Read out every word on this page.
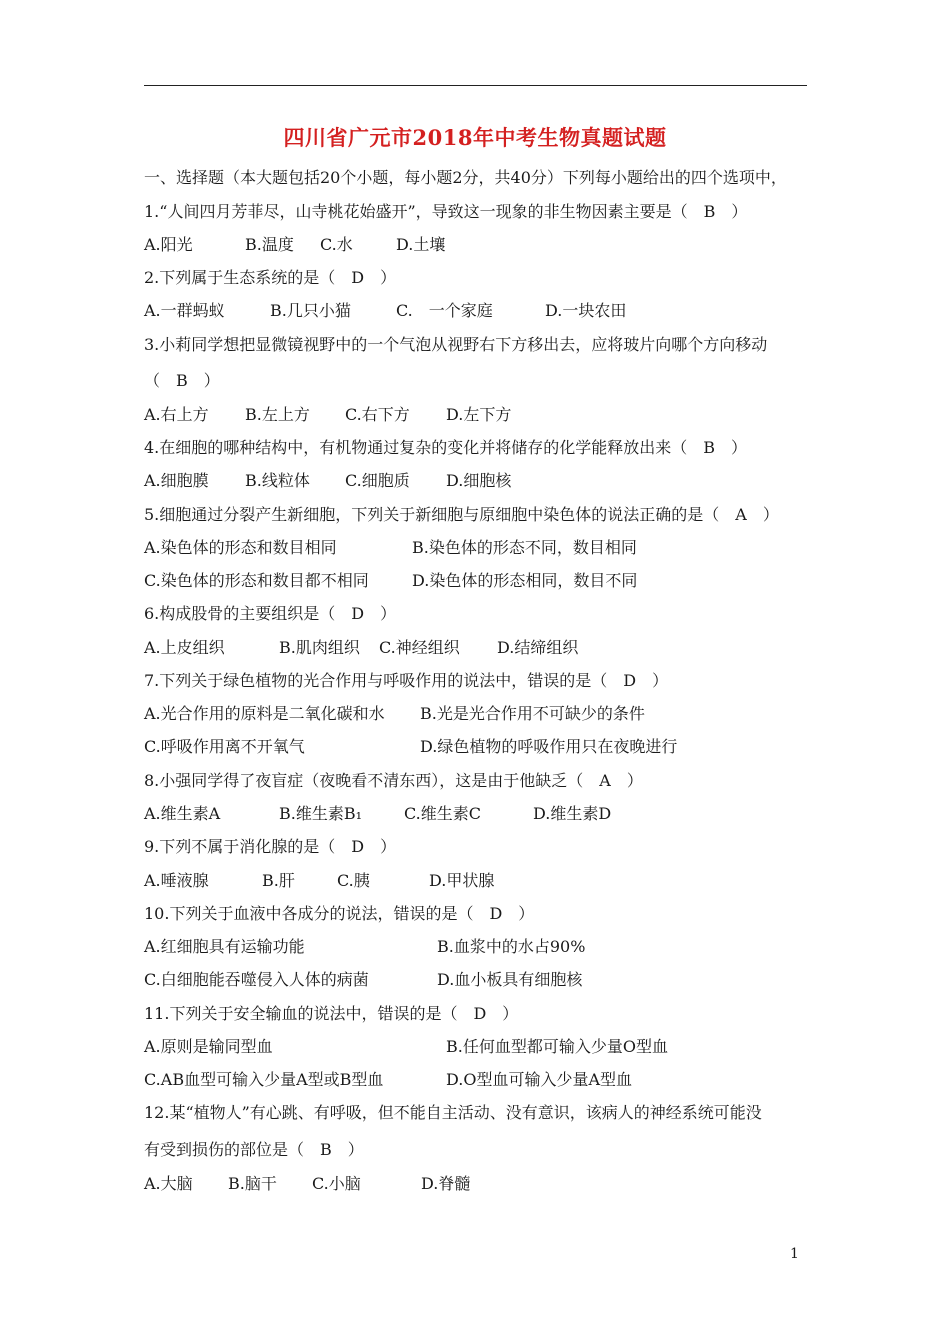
四川省广元市2018年中考生物真题试题
一、选择题（本大题包括20个小题，每小题2分，共40分）下列每小题给出的四个选项中，
1.“人间四月芳菲尽，山寺桃花始盛开”，导致这一现象的非生物因素主要是（　B　）
A.阳光	B.温度 C.水	D.土壤
2.下列属于生态系统的是（　D　）
A.一群蚂蚁	B.几只小猫	C.　一个家庭	D.一块农田
3.小莉同学想把显微镜视野中的一个气泡从视野右下方移出去，应将玻片向哪个方向移动
（　B　）
A.右上方 B.左上方 C.右下方 D.左下方
4.在细胞的哪种结构中，有机物通过复杂的变化并将储存的化学能释放出来（　B　）
A.细胞膜 B.线粒体 C.细胞质 D.细胞核
5.细胞通过分裂产生新细胞，下列关于新细胞与原细胞中染色体的说法正确的是（　A　）
A.染色体的形态和数目相同	B.染色体的形态不同，数目相同
C.染色体的形态和数目都不相同	D.染色体的形态相同，数目不同
6.构成股骨的主要组织是（　D　）
A.上皮组织	B.肌肉组织 C.神经组织 D.结缔组织
7.下列关于绿色植物的光合作用与呼吸作用的说法中，错误的是（　D　）
A.光合作用的原料是二氧化碳和水 B.光是光合作用不可缺少的条件
C.呼吸作用离不开氧气	D.绿色植物的呼吸作用只在夜晚进行
8.小强同学得了夜盲症（夜晚看不清东西），这是由于他缺乏（　A　）
A.维生素A	B.维生素B₁	C.维生素C	D.维生素D
9.下列不属于消化腺的是（　D　）
A.唾液腺	B.肝	C.胰	D.甲状腺
10.下列关于血液中各成分的说法，错误的是（　D　）
A.红细胞具有运输功能	B.血浆中的水占90%
C.白细胞能吞噬侵入人体的病菌	D.血小板具有细胞核
11.下列关于安全输血的说法中，错误的是（　D　）
A.原则是输同型血	B.任何血型都可输入少量O型血
C.AB血型可输入少量A型或B型血	D.O型血可输入少量A型血
12.某“植物人”有心跳、有呼吸，但不能自主活动、没有意识，该病人的神经系统可能没
有受到损伤的部位是（　B　）
A.大脑 B.脑干 C.小脑	D.脊髓
1
